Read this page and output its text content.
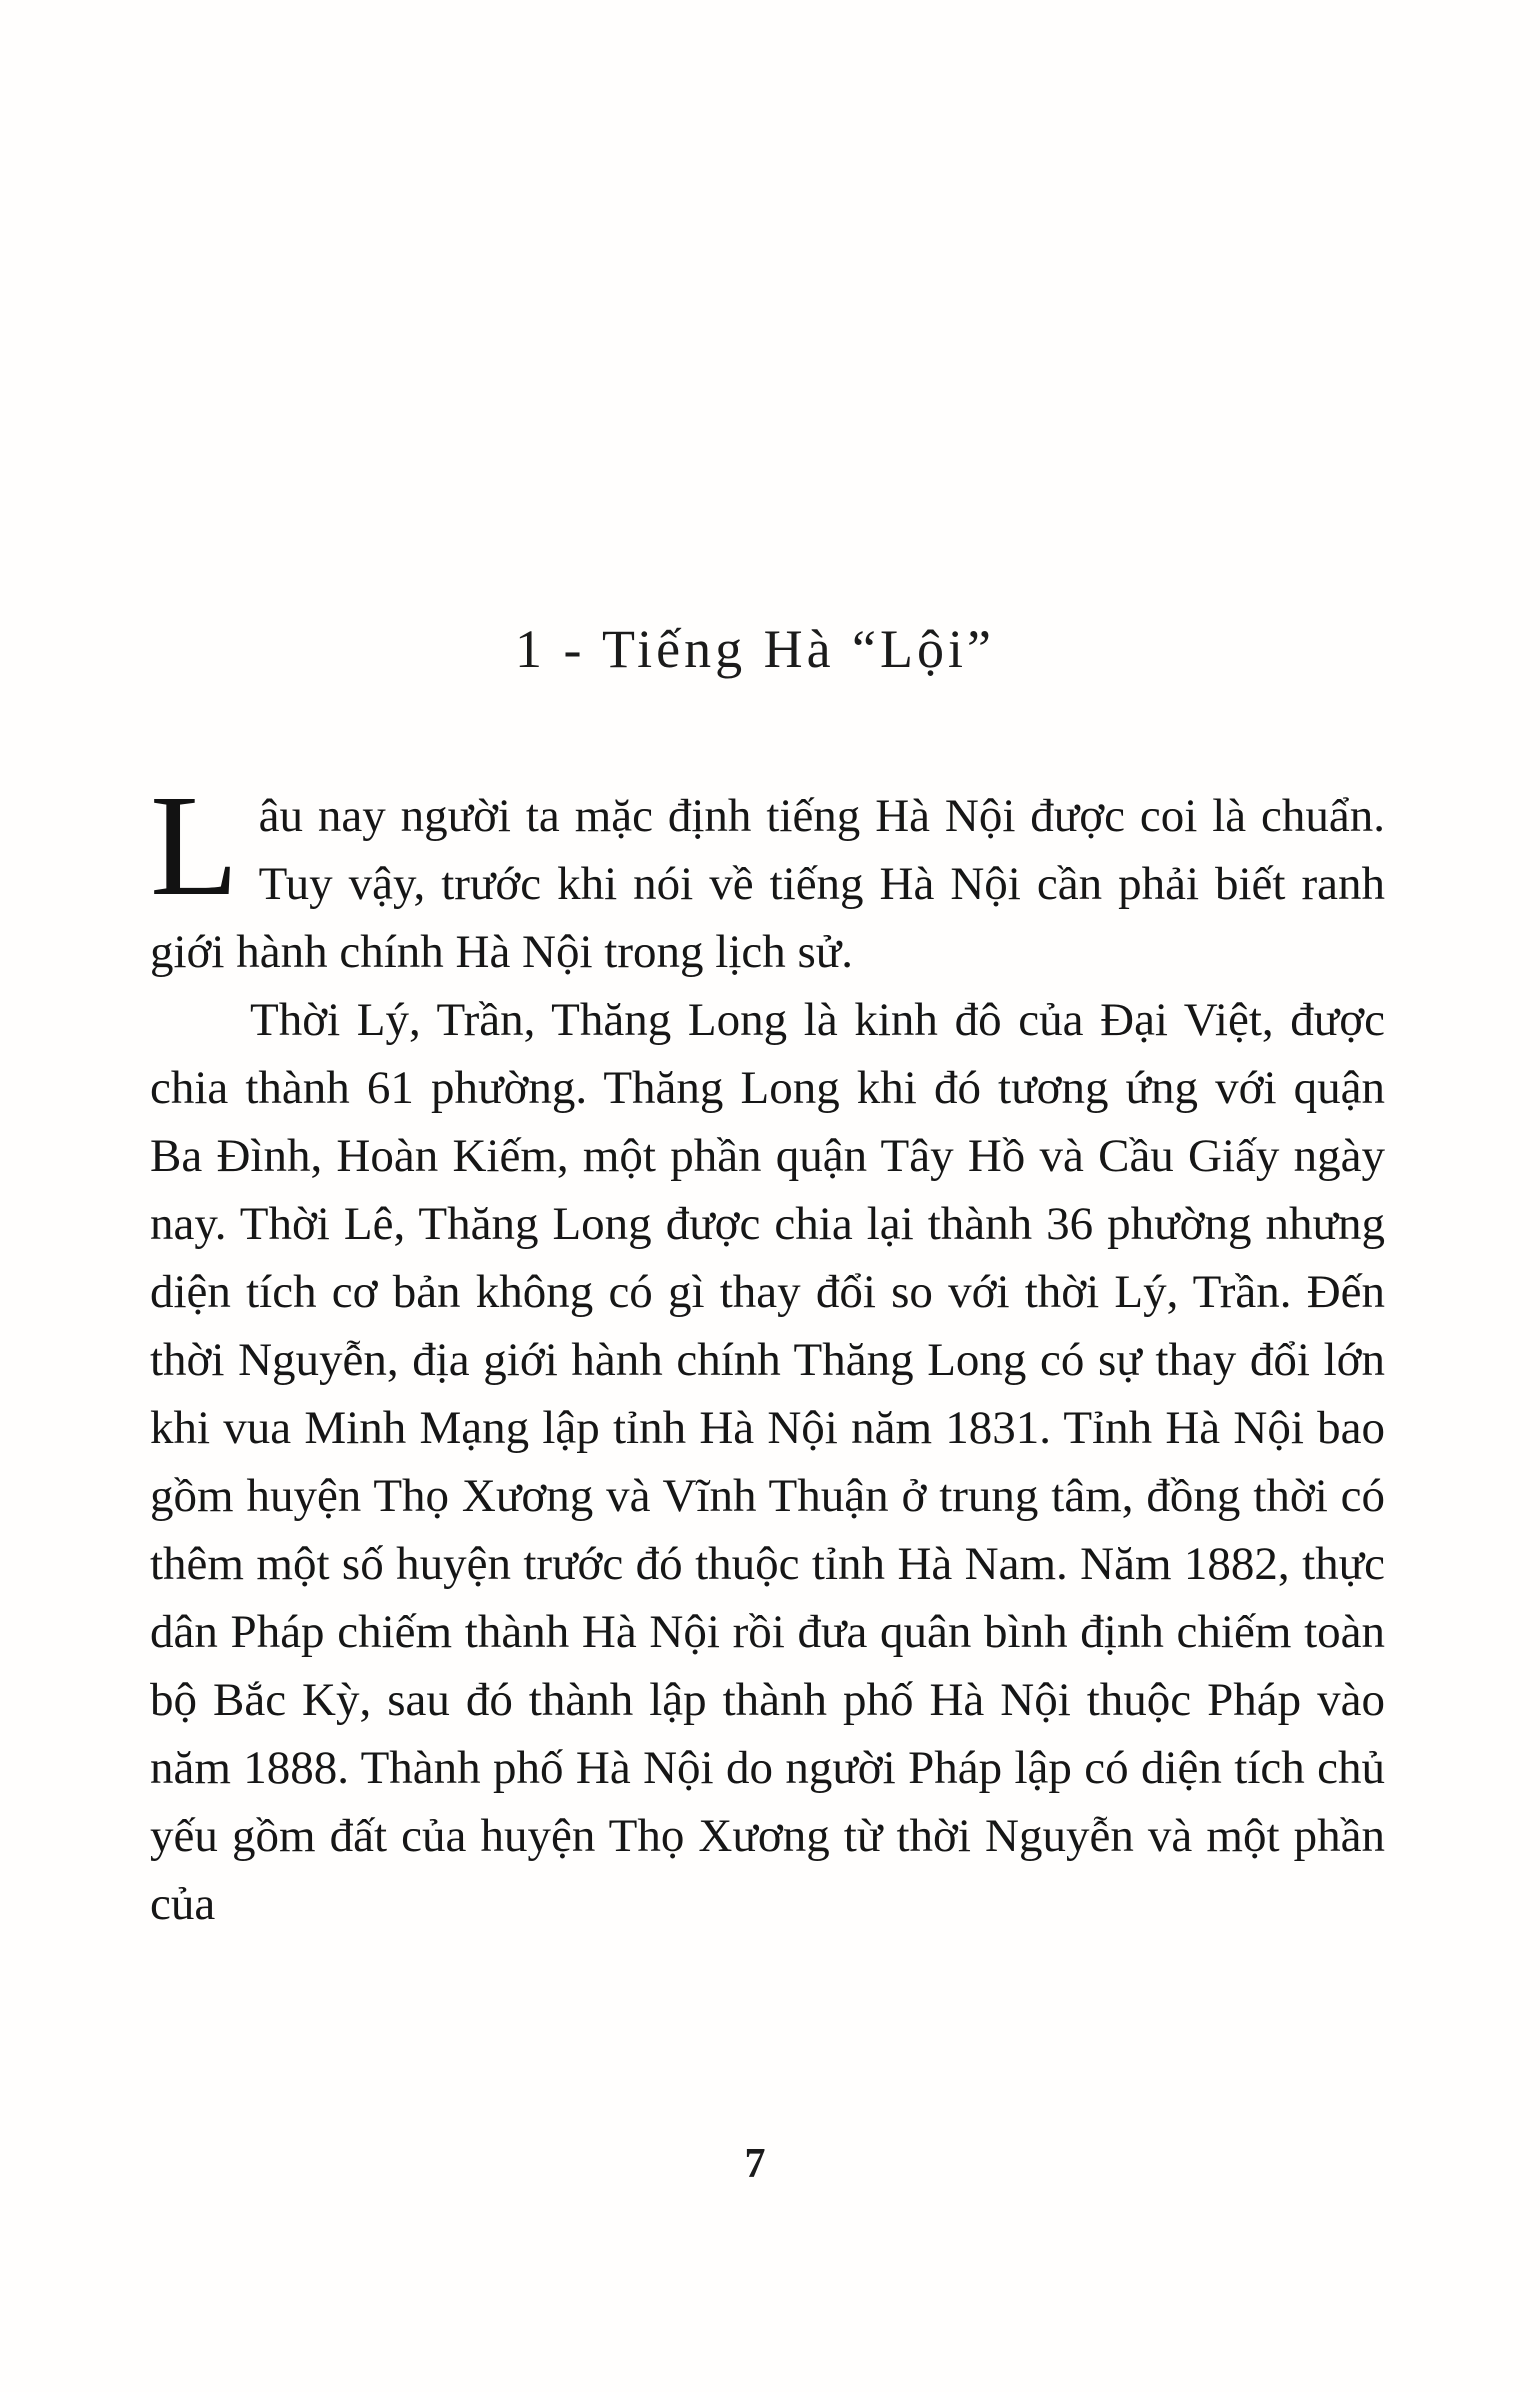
1 - Tiếng Hà “Lội”

Lâu nay người ta mặc định tiếng Hà Nội được coi là chuẩn. Tuy vậy, trước khi nói về tiếng Hà Nội cần phải biết ranh giới hành chính Hà Nội trong lịch sử.

Thời Lý, Trần, Thăng Long là kinh đô của Đại Việt, được chia thành 61 phường. Thăng Long khi đó tương ứng với quận Ba Đình, Hoàn Kiếm, một phần quận Tây Hồ và Cầu Giấy ngày nay. Thời Lê, Thăng Long được chia lại thành 36 phường nhưng diện tích cơ bản không có gì thay đổi so với thời Lý, Trần. Đến thời Nguyễn, địa giới hành chính Thăng Long có sự thay đổi lớn khi vua Minh Mạng lập tỉnh Hà Nội năm 1831. Tỉnh Hà Nội bao gồm huyện Thọ Xương và Vĩnh Thuận ở trung tâm, đồng thời có thêm một số huyện trước đó thuộc tỉnh Hà Nam. Năm 1882, thực dân Pháp chiếm thành Hà Nội rồi đưa quân bình định chiếm toàn bộ Bắc Kỳ, sau đó thành lập thành phố Hà Nội thuộc Pháp vào năm 1888. Thành phố Hà Nội do người Pháp lập có diện tích chủ yếu gồm đất của huyện Thọ Xương từ thời Nguyễn và một phần của

7
